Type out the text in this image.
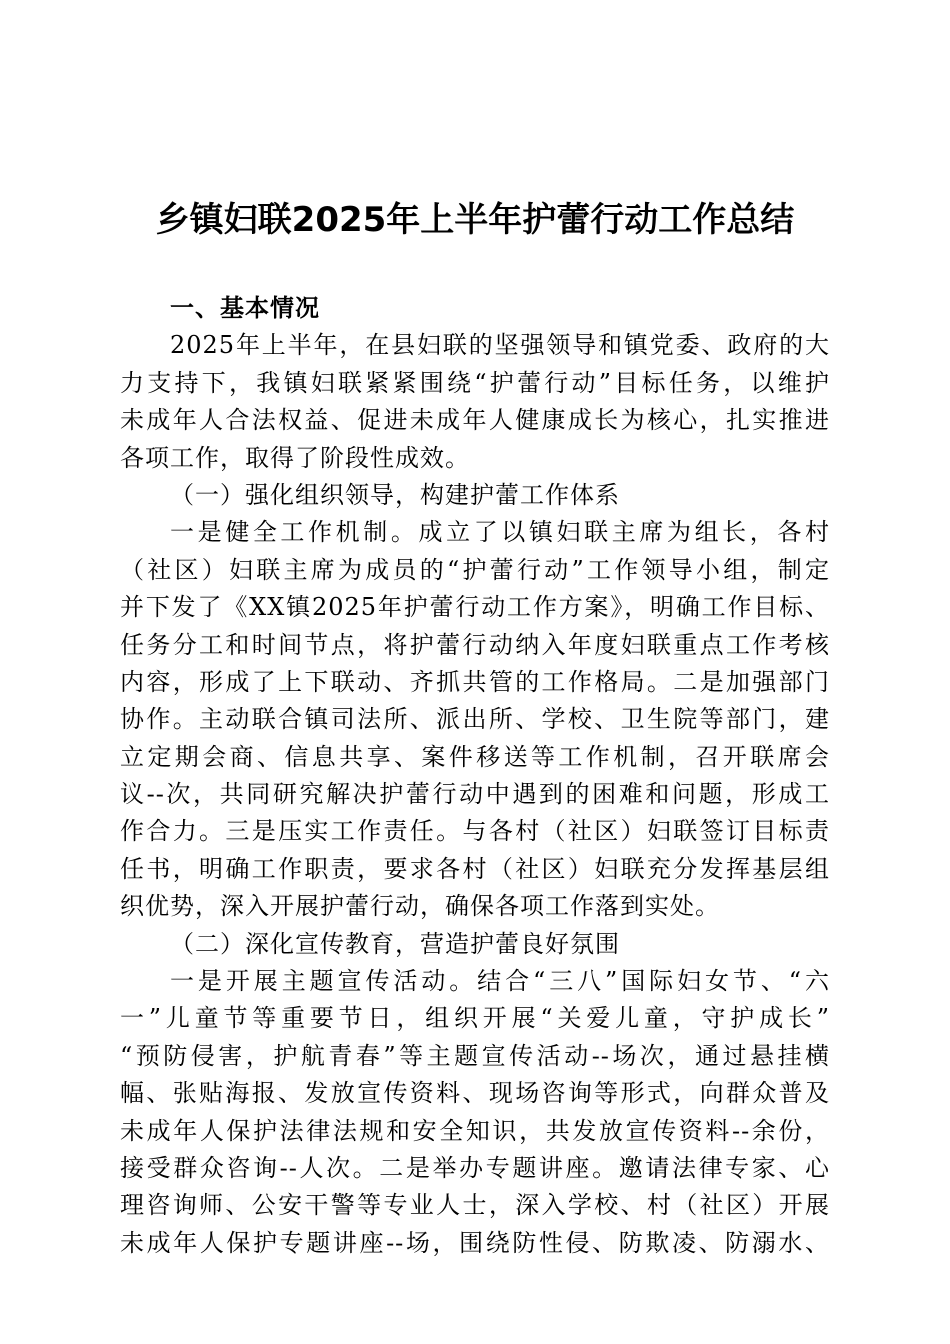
乡镇妇联2025年上半年护蕾行动工作总结
一、基本情况
2025年上半年，在县妇联的坚强领导和镇党委、政府的大
力支持下，我镇妇联紧紧围绕“护蕾行动”目标任务，以维护
未成年人合法权益、促进未成年人健康成长为核心，扎实推进
各项工作，取得了阶段性成效。
（一）强化组织领导，构建护蕾工作体系
一是健全工作机制。成立了以镇妇联主席为组长，各村
（社区）妇联主席为成员的“护蕾行动”工作领导小组，制定
并下发了《XX镇2025年护蕾行动工作方案》，明确工作目标、
任务分工和时间节点，将护蕾行动纳入年度妇联重点工作考核
内容，形成了上下联动、齐抓共管的工作格局。二是加强部门
协作。主动联合镇司法所、派出所、学校、卫生院等部门，建
立定期会商、信息共享、案件移送等工作机制，召开联席会
议--次，共同研究解决护蕾行动中遇到的困难和问题，形成工
作合力。三是压实工作责任。与各村（社区）妇联签订目标责
任书，明确工作职责，要求各村（社区）妇联充分发挥基层组
织优势，深入开展护蕾行动，确保各项工作落到实处。
（二）深化宣传教育，营造护蕾良好氛围
一是开展主题宣传活动。结合“三八”国际妇女节、“六
一”儿童节等重要节日，组织开展“关爱儿童，守护成长”
“预防侵害，护航青春”等主题宣传活动--场次，通过悬挂横
幅、张贴海报、发放宣传资料、现场咨询等形式，向群众普及
未成年人保护法律法规和安全知识，共发放宣传资料--余份，
接受群众咨询--人次。二是举办专题讲座。邀请法律专家、心
理咨询师、公安干警等专业人士，深入学校、村（社区）开展
未成年人保护专题讲座--场，围绕防性侵、防欺凌、防溺水、
